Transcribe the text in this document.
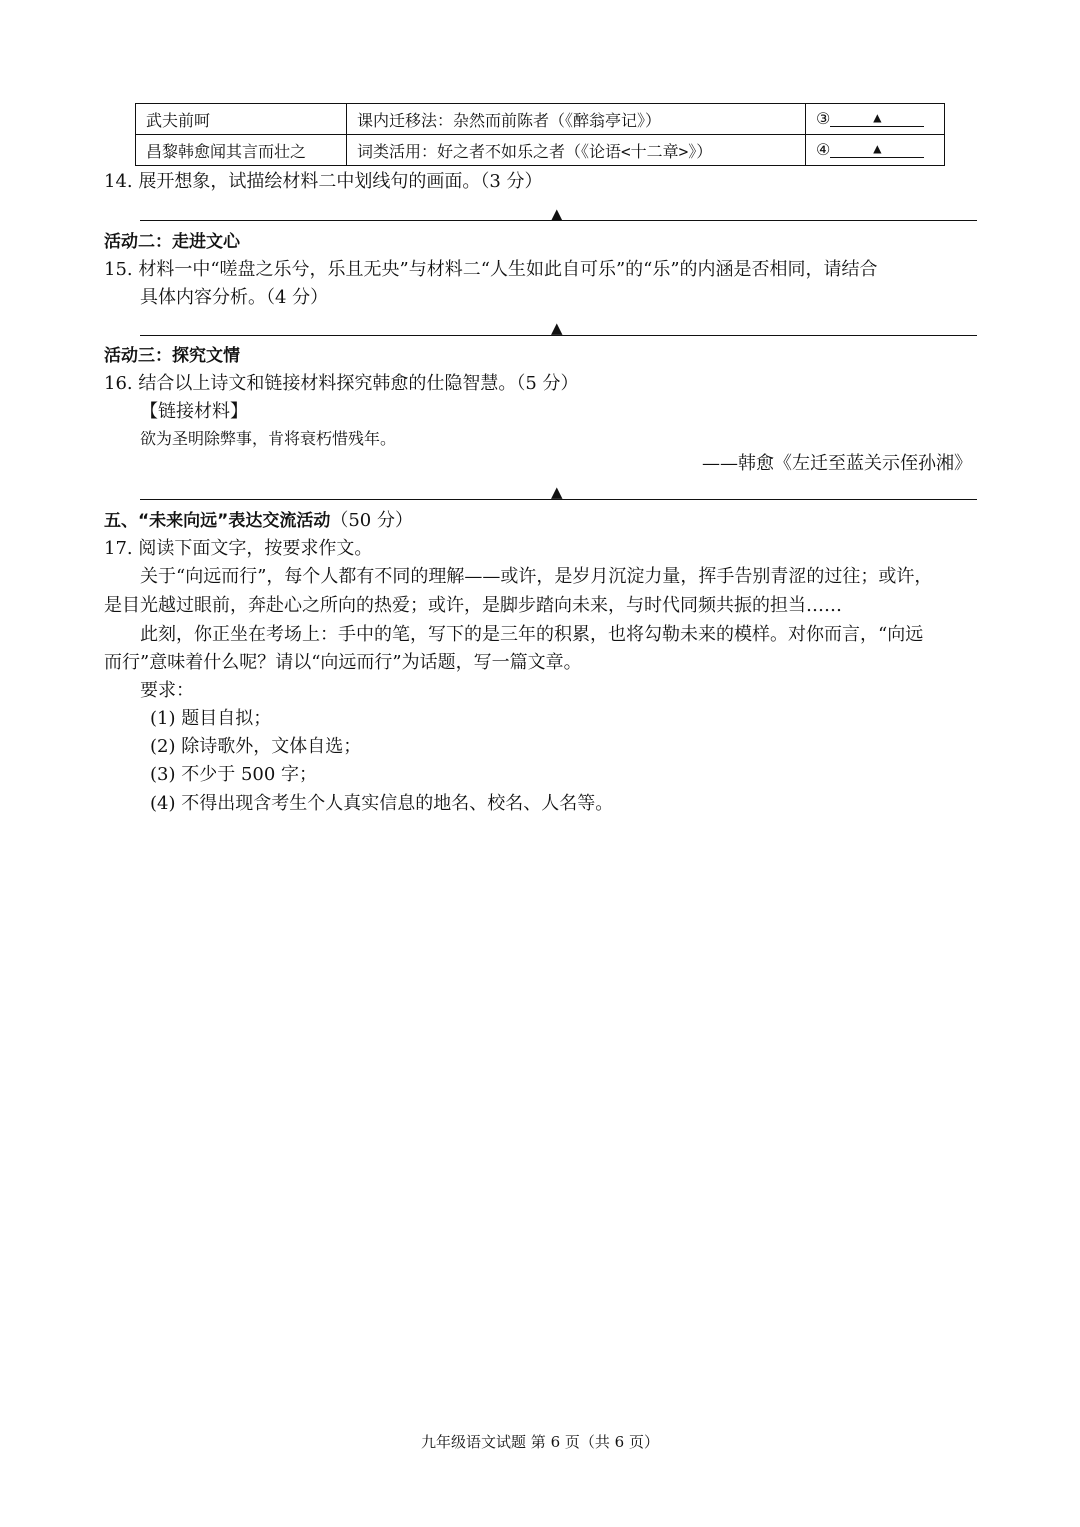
武夫前呵	课内迁移法：杂然而前陈者（《醉翁亭记》）	③ ▲
昌黎韩愈闻其言而壮之	词类活用：好之者不如乐之者（《论语<十二章>》）	④ ▲
14. 展开想象，试描绘材料二中划线句的画面。（3 分）
▲
活动二：走进文心
15. 材料一中“嗟盘之乐兮，乐且无央”与材料二“人生如此自可乐”的“乐”的内涵是否相同，请结合
具体内容分析。（4 分）
▲
活动三：探究文情
16. 结合以上诗文和链接材料探究韩愈的仕隐智慧。（5 分）
【链接材料】
欲为圣明除弊事，肯将衰朽惜残年。
——韩愈《左迁至蓝关示侄孙湘》
▲
五、“未来向远”表达交流活动（50 分）
17. 阅读下面文字，按要求作文。
关于“向远而行”，每个人都有不同的理解——或许，是岁月沉淀力量，挥手告别青涩的过往；或许，
是目光越过眼前，奔赴心之所向的热爱；或许，是脚步踏向未来，与时代同频共振的担当……
此刻，你正坐在考场上：手中的笔，写下的是三年的积累，也将勾勒未来的模样。对你而言，“向远
而行”意味着什么呢？请以“向远而行”为话题，写一篇文章。
要求：
(1) 题目自拟；
(2) 除诗歌外，文体自选；
(3) 不少于 500 字；
(4) 不得出现含考生个人真实信息的地名、校名、人名等。
九年级语文试题 第 6 页（共 6 页）
